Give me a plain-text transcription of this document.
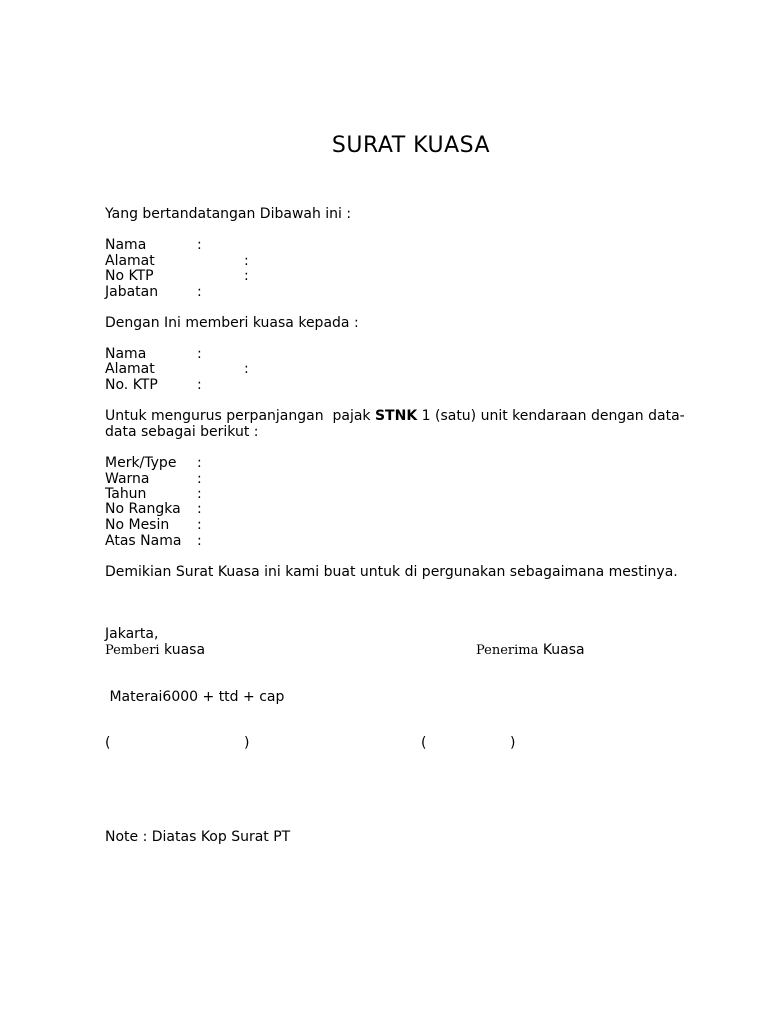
SURAT KUASA
Yang bertandatangan Dibawah ini :
Nama	:
Alamat	:
No KTP	:
Jabatan	:
Dengan Ini memberi kuasa kepada :
Nama	:
Alamat	:
No. KTP	:
Untuk mengurus perpanjangan  pajak STNK 1 (satu) unit kendaraan dengan data-
data sebagai berikut :
Merk/Type :
Warna	:
Tahun	:
No Rangka :
No Mesin :
Atas Nama :
Demikian Surat Kuasa ini kami buat untuk di pergunakan sebagaimana mestinya.
Jakarta,
Pemberi kuasa	Penerima Kuasa
Materai6000 + ttd + cap
(	)	(	)
Note : Diatas Kop Surat PT
